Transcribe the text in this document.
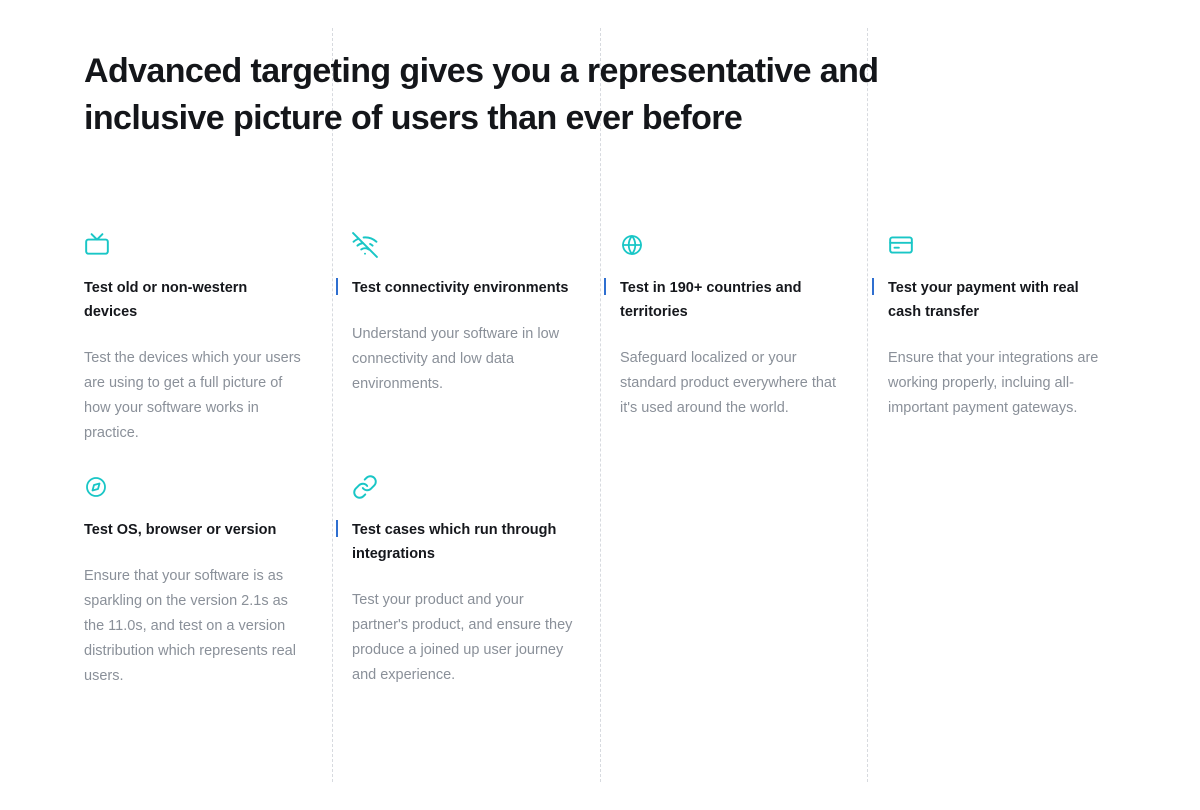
Advanced targeting gives you a representative and inclusive picture of users than ever before
Test old or non-western devices

Test the devices which your users are using to get a full picture of how your software works in practice.

Test connectivity environments

Understand your software in low connectivity and low data environments.

Test in 190+ countries and territories

Safeguard localized or your standard product everywhere that it's used around the world.

Test your payment with real cash transfer

Ensure that your integrations are working properly, incluing all-important payment gateways.

Test OS, browser or version

Ensure that your software is as sparkling on the version 2.1s as the 11.0s, and test on a version distribution which represents real users.

Test cases which run through integrations

Test your product and your partner's product, and ensure they produce a joined up user journey and experience.
